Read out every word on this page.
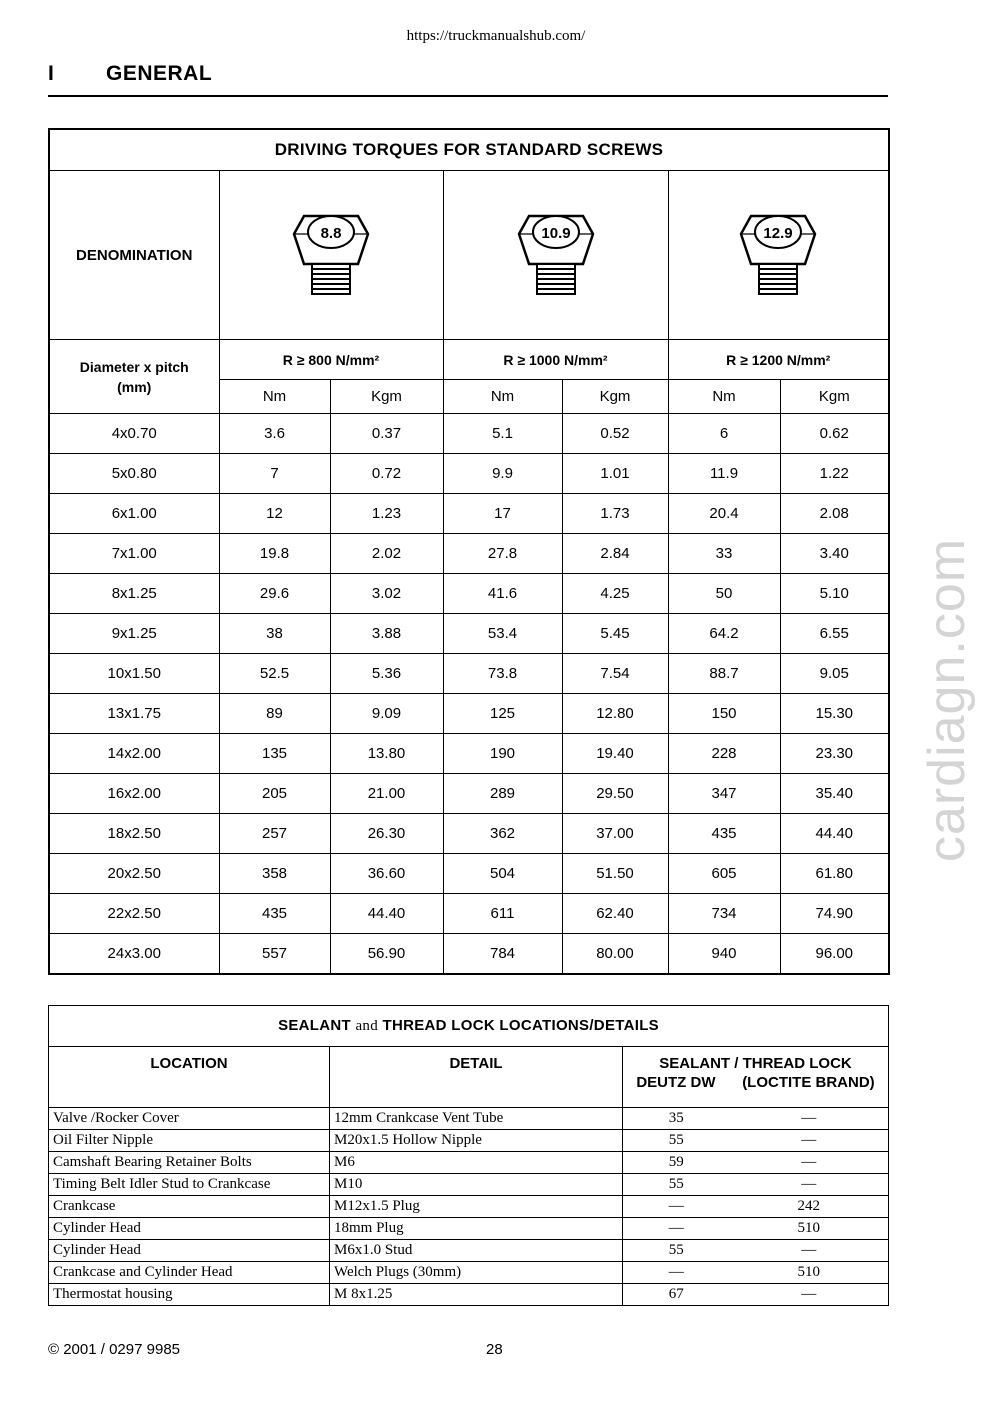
https://truckmanualshub.com/
I GENERAL
DRIVING TORQUES FOR STANDARD SCREWS						
DENOMINATION	8.8		10.9		12.9	

Diameter x pitch
(mm)	R ≥ 800 N/mm²		R ≥ 1000 N/mm²		R ≥ 1200 N/mm²	
	Nm	Kgm	Nm	Kgm	Nm	Kgm
4x0.70	3.6	0.37	5.1	0.52	6	0.62
5x0.80	7	0.72	9.9	1.01	11.9	1.22
6x1.00	12	1.23	17	1.73	20.4	2.08
7x1.00	19.8	2.02	27.8	2.84	33	3.40
8x1.25	29.6	3.02	41.6	4.25	50	5.10
9x1.25	38	3.88	53.4	5.45	64.2	6.55
10x1.50	52.5	5.36	73.8	7.54	88.7	9.05
13x1.75	89	9.09	125	12.80	150	15.30
14x2.00	135	13.80	190	19.40	228	23.30
16x2.00	205	21.00	289	29.50	347	35.40
18x2.50	257	26.30	362	37.00	435	44.40
20x2.50	358	36.60	504	51.50	605	61.80
22x2.50	435	44.40	611	62.40	734	74.90
24x3.00	557	56.90	784	80.00	940	96.00
SEALANT and THREAD LOCK LOCATIONS/DETAILS			
LOCATION	DETAIL	SEALANT / THREAD LOCK
DEUTZ DW (LOCTITE BRAND)	

Valve /Rocker Cover	12mm Crankcase Vent Tube	35	—
Oil Filter Nipple	M20x1.5 Hollow Nipple	55	—
Camshaft Bearing Retainer Bolts	M6	59	—
Timing Belt Idler Stud to Crankcase	M10	55	—
Crankcase	M12x1.5 Plug	—	242
Cylinder Head	18mm Plug	—	510
Cylinder Head	M6x1.0 Stud	55	—
Crankcase and Cylinder Head	Welch Plugs (30mm)	—	510
Thermostat housing	M 8x1.25	67	—
© 2001 / 0297 9985	28
cardiagn.com
